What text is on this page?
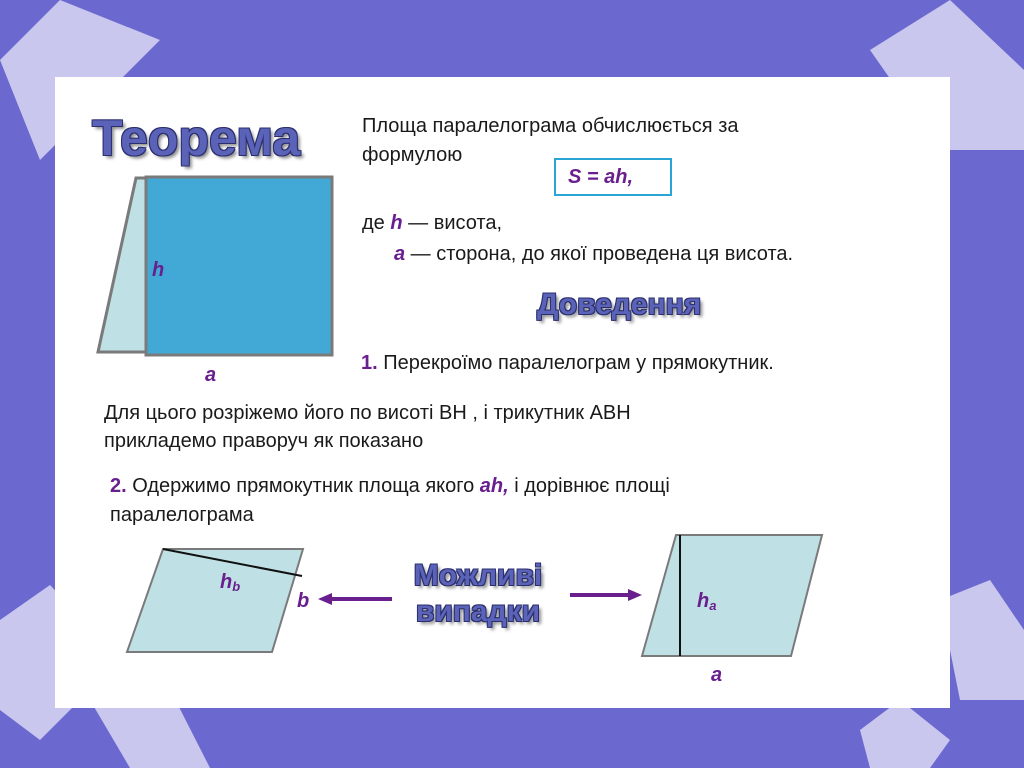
Теорема	Площа паралелограма обчислюється за
формулою
S = ah,
де h — висота,
a — сторона, до якої проведена ця висота.
Доведення
1. Перекроїмо паралелограм у прямокутник.
Для цього розріжемо його по висоті ВН , і трикутник АВН
прикладемо праворуч як показано
2. Одержимо прямокутник площа якого ah, і дорівнює площі
паралелограма
Можливі
випадки
h
a
hb
b	ha
a
